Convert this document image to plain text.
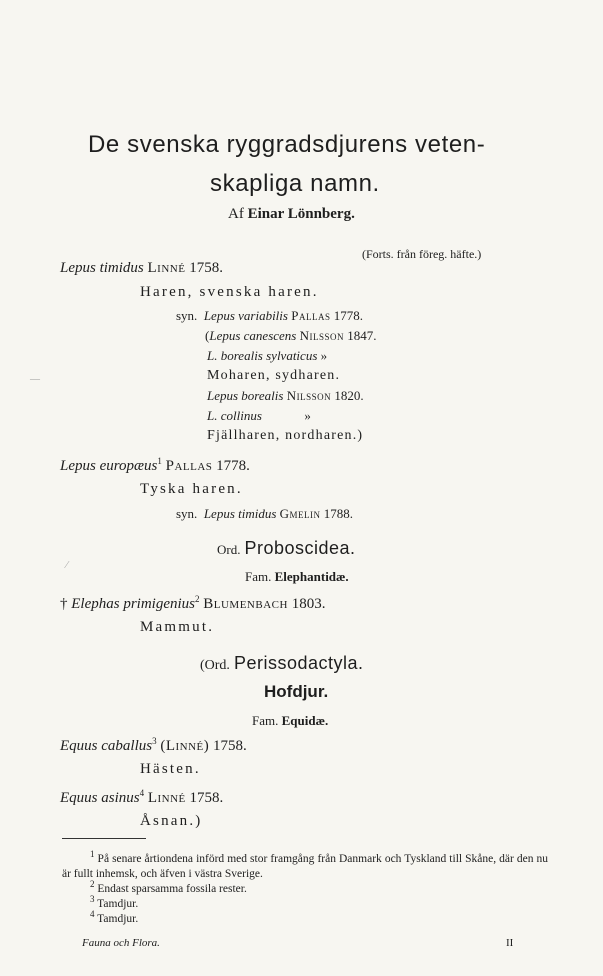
De svenska ryggradsdjurens veten-
skapliga namn.
Af Einar Lönnberg.
(Forts. från föreg. häfte.)
Lepus timidus Linné 1758.
Haren, svenska haren.
syn. Lepus variabilis Pallas 1778.
(Lepus canescens Nilsson 1847.
L. borealis sylvaticus »
Moharen, sydharen.
Lepus borealis Nilsson 1820.
L. collinus	»
Fjällharen, nordharen.)
Lepus europæus$^1$ Pallas 1778.
Tyska haren.
syn. Lepus timidus Gmelin 1788.
Ord. Proboscidea.
Fam. Elephantidæ.
† Elephas primigenius$^2$ Blumenbach 1803.
Mammut.
(Ord. Perissodactyla.
Hofdjur.
Fam. Equidæ.
Equus caballus$^3$ (Linné) 1758.
Hästen.
Equus asinus$^4$ Linné 1758.
Åsnan.)

$^1$ På senare årtiondena införd med stor framgång från Danmark och Tyskland till Skåne, där den nu är fullt inhemsk, och äfven i västra Sverige.

$^2$ Endast sparsamma fossila rester.

$^3$ Tamdjur.

$^4$ Tamdjur.

Fauna och Flora.	II
—
⁄
